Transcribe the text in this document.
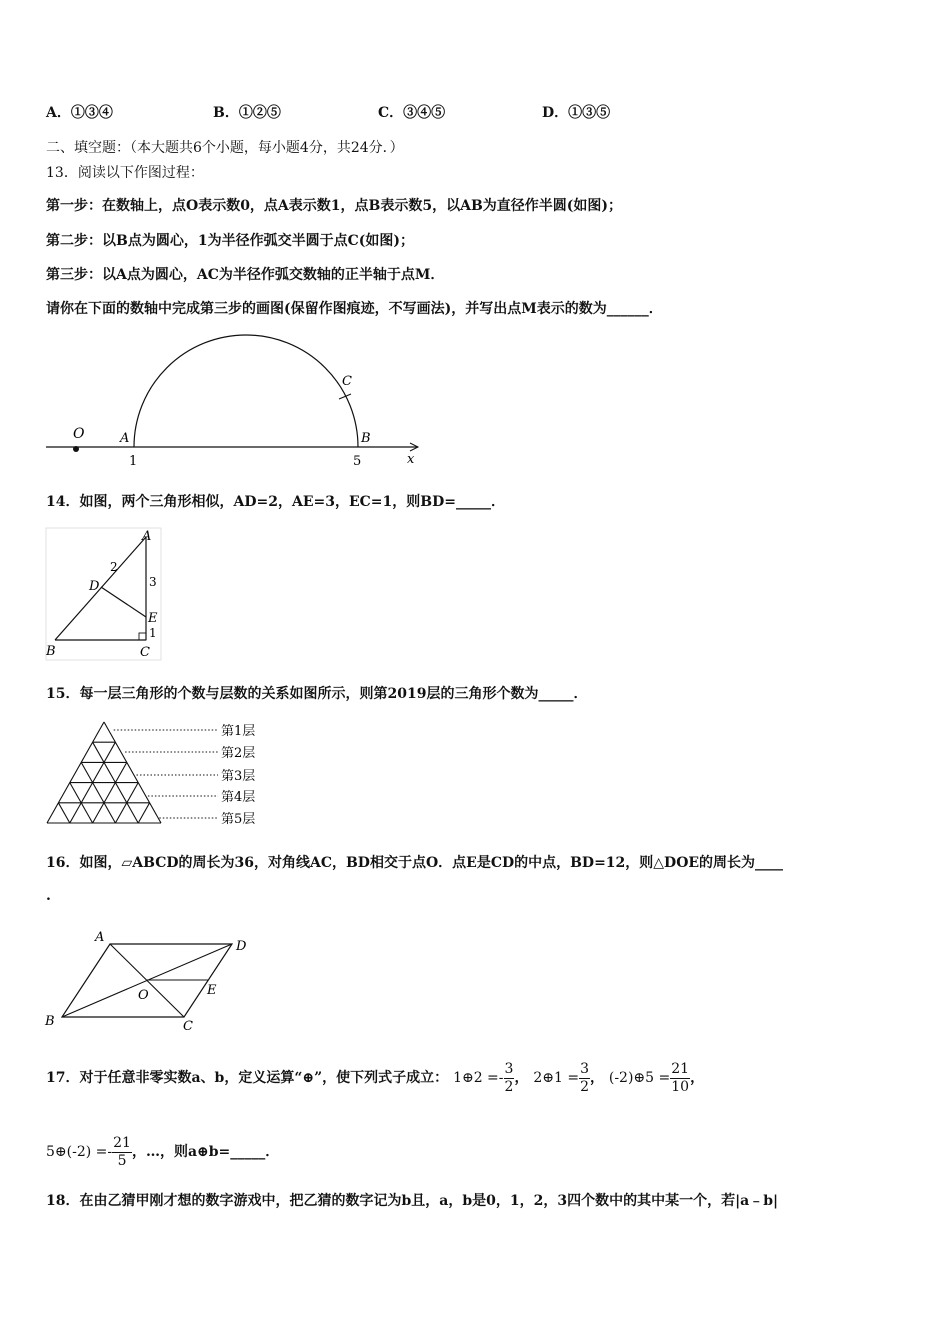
A．①③④	B．①②⑤	C．③④⑤	D．①③⑤
二、填空题：（本大题共6个小题，每小题4分，共24分．）
13．阅读以下作图过程：
第一步：在数轴上，点O表示数0，点A表示数1，点B表示数5，以AB为直径作半圆(如图)；
第二步：以B点为圆心，1为半径作弧交半圆于点C(如图)；
第三步：以A点为圆心，AC为半径作弧交数轴的正半轴于点M．
请你在下面的数轴中完成第三步的画图(保留作图痕迹，不写画法)，并写出点M表示的数为______．
O	A	B
C
x
1	5
14．如图，两个三角形相似，AD=2，AE=3，EC=1，则BD=_____．
A
B	C
D
E
2
3
1
15．每一层三角形的个数与层数的关系如图所示，则第2019层的三角形个数为_____．
第1层
第2层
第3层
第4层
第5层
16．如图，▱ABCD的周长为36，对角线AC，BD相交于点O．点E是CD的中点，BD=12，则△DOE的周长为____
.
A
D
B	C
O	E
17．对于任意非零实数a、b，定义运算“⊕”，使下列式子成立： 1⊕2 =- $\frac{3}{2}$ ， 2⊕1 = $\frac{3}{2}$ ， (-2)⊕5 = $\frac{21}{10}$ ，
5⊕(-2) =- $\frac{21}{5}$ ，…，则a⊕b=_____．
18．在由乙猜甲刚才想的数字游戏中，把乙猜的数字记为b且，a，b是0，1，2，3四个数中的其中某一个，若|a﹣b|
